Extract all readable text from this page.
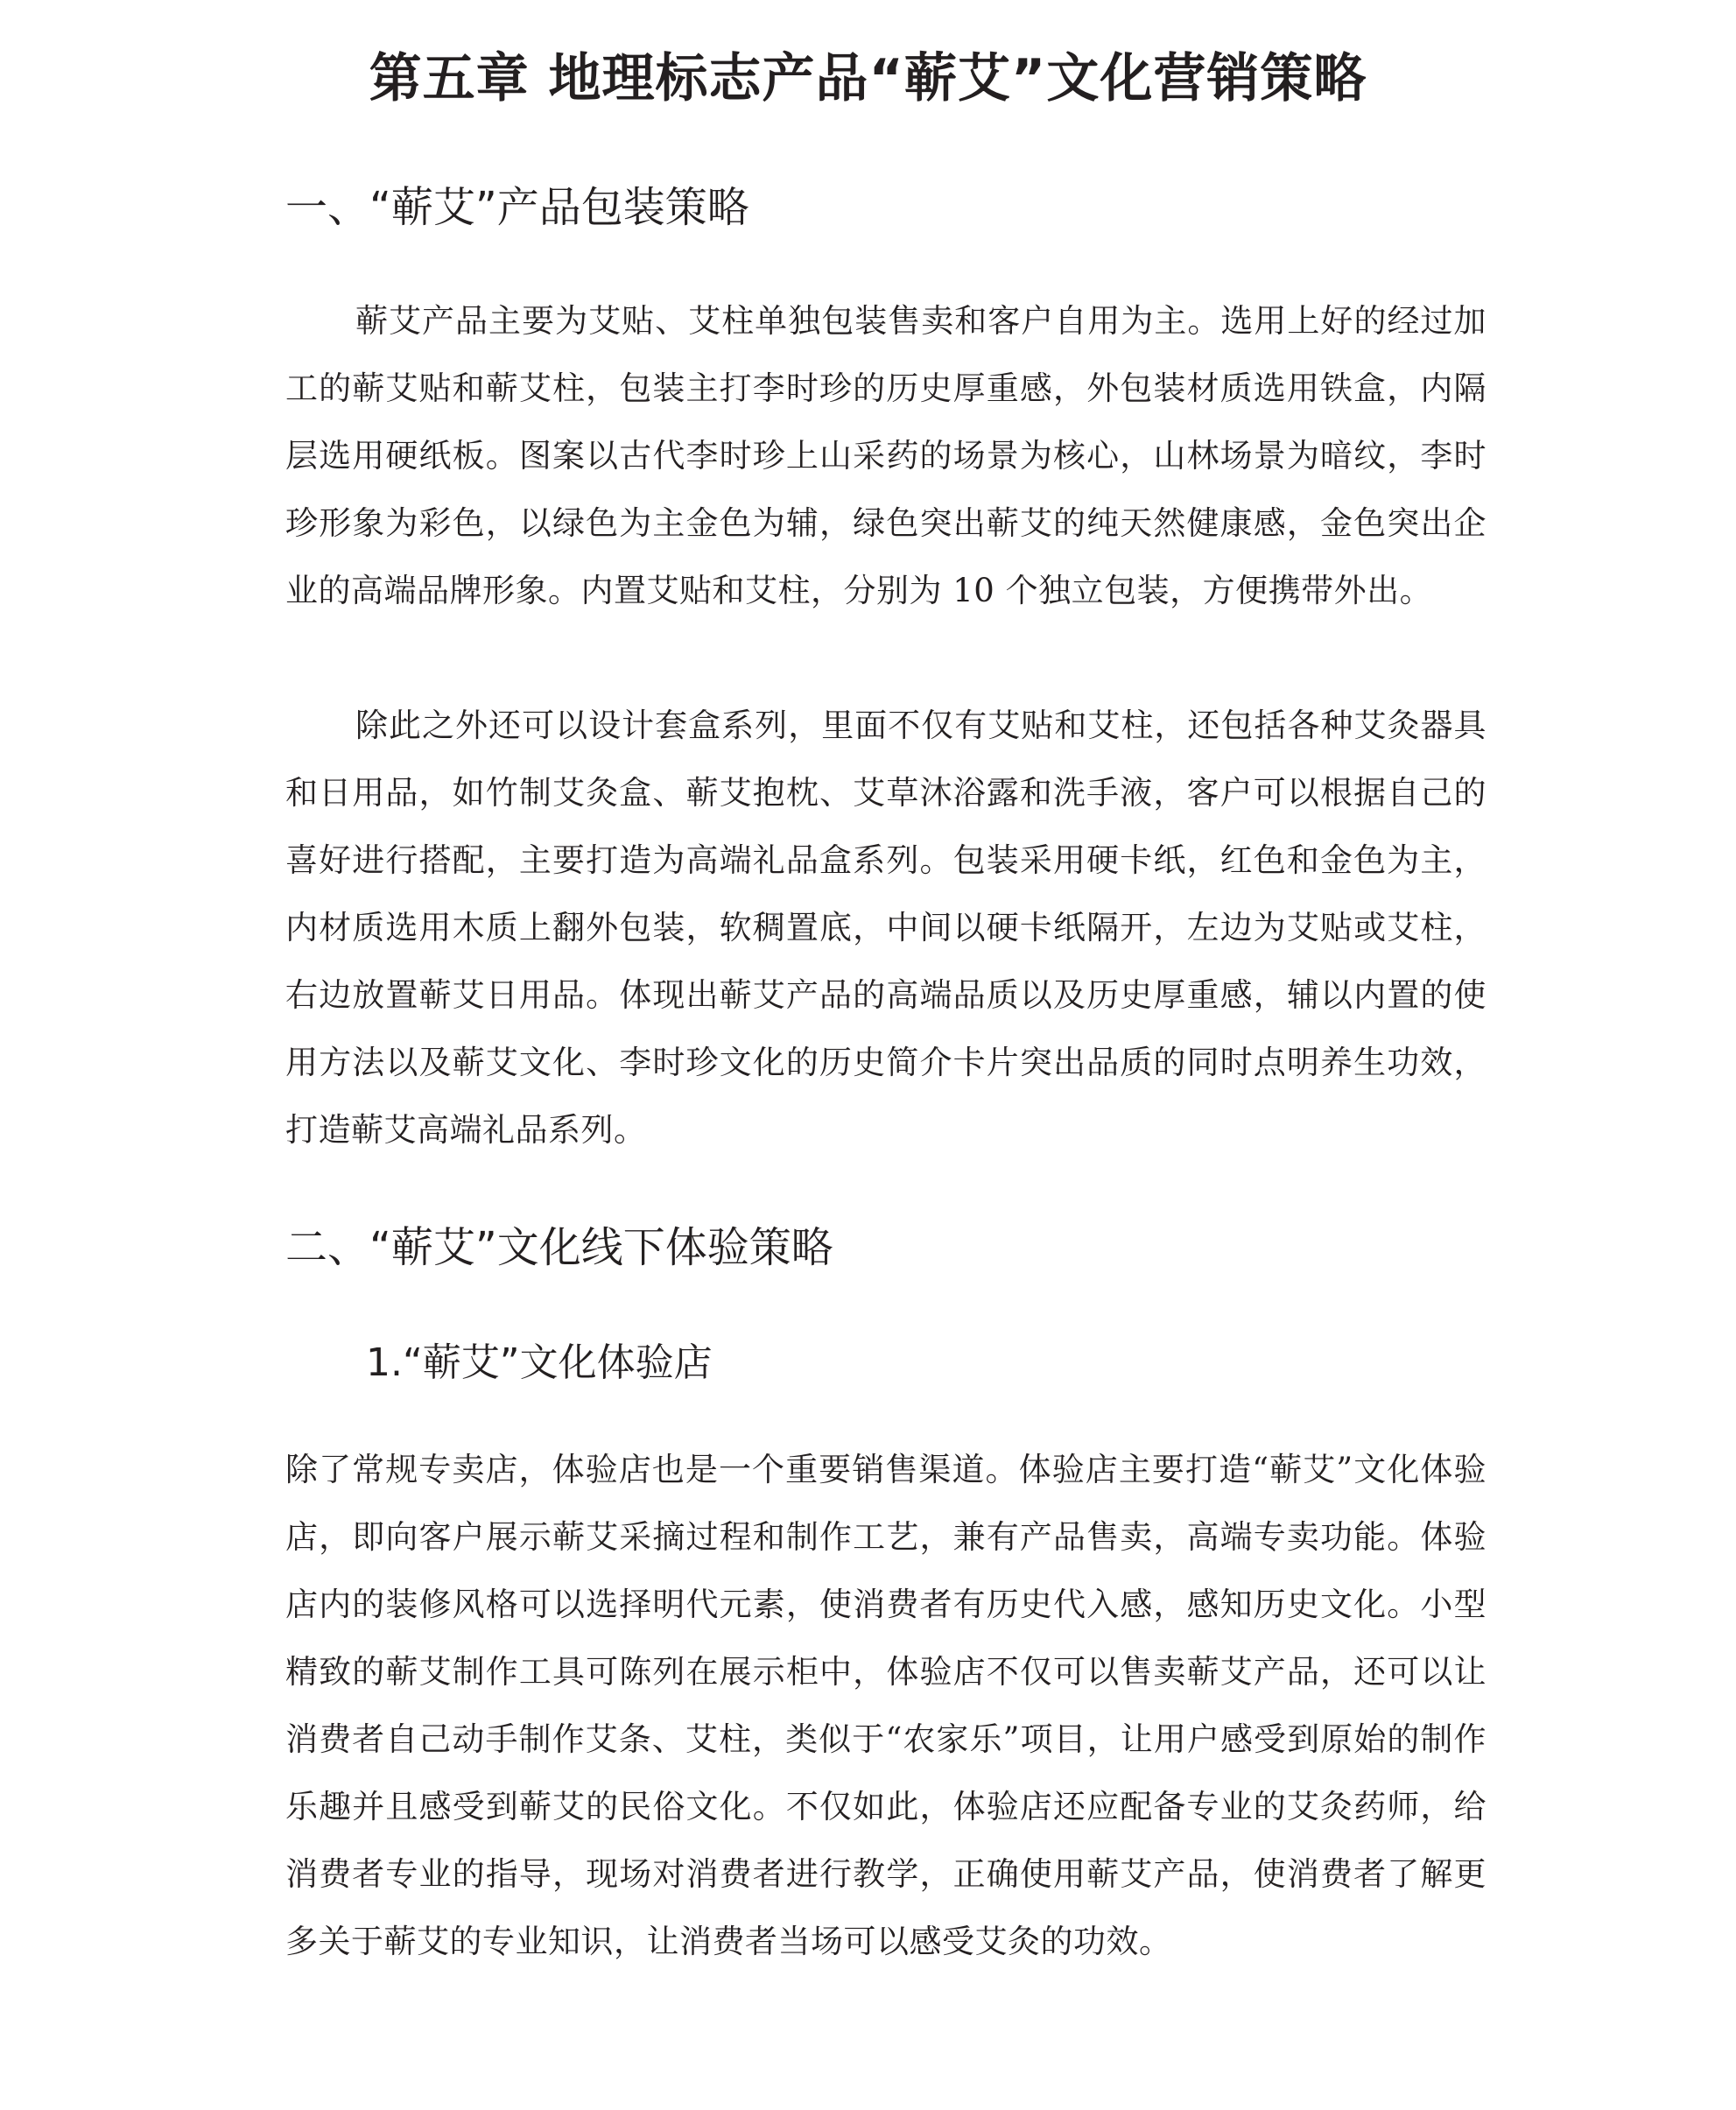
第五章 地理标志产品“蕲艾”文化营销策略
一、“蕲艾”产品包装策略

蕲艾产品主要为艾贴、艾柱单独包装售卖和客户自用为主。选用上好的经过加工的蕲艾贴和蕲艾柱，包装主打李时珍的历史厚重感，外包装材质选用铁盒，内隔层选用硬纸板。图案以古代李时珍上山采药的场景为核心，山林场景为暗纹，李时珍形象为彩色，以绿色为主金色为辅，绿色突出蕲艾的纯天然健康感，金色突出企业的高端品牌形象。内置艾贴和艾柱，分别为 10 个独立包装，方便携带外出。

除此之外还可以设计套盒系列，里面不仅有艾贴和艾柱，还包括各种艾灸器具和日用品，如竹制艾灸盒、蕲艾抱枕、艾草沐浴露和洗手液，客户可以根据自己的喜好进行搭配，主要打造为高端礼品盒系列。包装采用硬卡纸，红色和金色为主，内材质选用木质上翻外包装，软稠置底，中间以硬卡纸隔开，左边为艾贴或艾柱，右边放置蕲艾日用品。体现出蕲艾产品的高端品质以及历史厚重感，辅以内置的使用方法以及蕲艾文化、李时珍文化的历史简介卡片突出品质的同时点明养生功效，打造蕲艾高端礼品系列。

二、“蕲艾”文化线下体验策略
1.“蕲艾”文化体验店

除了常规专卖店，体验店也是一个重要销售渠道。体验店主要打造“蕲艾”文化体验店，即向客户展示蕲艾采摘过程和制作工艺，兼有产品售卖，高端专卖功能。体验店内的装修风格可以选择明代元素，使消费者有历史代入感，感知历史文化。小型精致的蕲艾制作工具可陈列在展示柜中，体验店不仅可以售卖蕲艾产品，还可以让消费者自己动手制作艾条、艾柱，类似于“农家乐”项目，让用户感受到原始的制作乐趣并且感受到蕲艾的民俗文化。不仅如此，体验店还应配备专业的艾灸药师，给消费者专业的指导，现场对消费者进行教学，正确使用蕲艾产品，使消费者了解更多关于蕲艾的专业知识，让消费者当场可以感受艾灸的功效。
